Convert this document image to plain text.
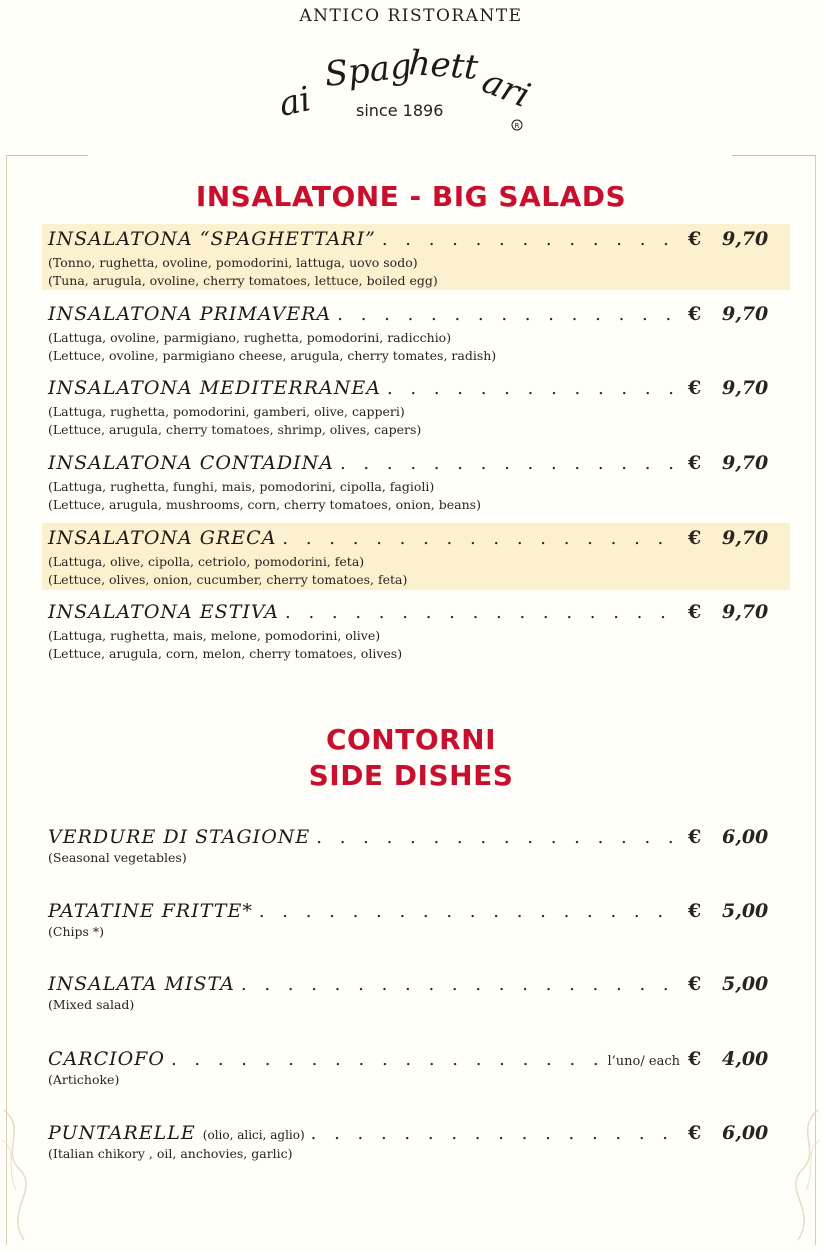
ANTICO RISTORANTE
ai
Spag
hett
ari
R
since 1896
INSALATONE - BIG SALADS
INSALATONA “SPAGHETTARI” . . .	€	9,70
(Tonno, rughetta, ovoline, pomodorini, lattuga, uovo sodo)
(Tuna, arugula, ovoline, cherry tomatoes, lettuce, boiled egg)
INSALATONA PRIMAVERA . . .	€	9,70
(Lattuga, ovoline, parmigiano, rughetta, pomodorini, radicchio)
(Lettuce, ovoline, parmigiano cheese, arugula, cherry tomates, radish)
INSALATONA MEDITERRANEA . . .	€	9,70
(Lattuga, rughetta, pomodorini, gamberi, olive, capperi)
(Lettuce, arugula, cherry tomatoes, shrimp, olives, capers)
INSALATONA CONTADINA . . .	€	9,70
(Lattuga, rughetta, funghi, mais, pomodorini, cipolla, fagioli)
(Lettuce, arugula, mushrooms, corn, cherry tomatoes, onion, beans)
INSALATONA GRECA . . .	€	9,70
(Lattuga, olive, cipolla, cetriolo, pomodorini, feta)
(Lettuce, olives, onion, cucumber, cherry tomatoes, feta)
INSALATONA ESTIVA . . .	€	9,70
(Lattuga, rughetta, mais, melone, pomodorini, olive)
(Lettuce, arugula, corn, melon, cherry tomatoes, olives)
CONTORNI
SIDE DISHES
VERDURE DI STAGIONE . . .	€	6,00
(Seasonal vegetables)
PATATINE FRITTE* . . .	€	5,00
(Chips *)
INSALATA MISTA . . .	€	5,00
(Mixed salad)
CARCIOFO . . .	l’uno/ each €	4,00
(Artichoke)
PUNTARELLE (olio, alici, aglio) . . .	€	6,00
(Italian chikory , oil, anchovies, garlic)
